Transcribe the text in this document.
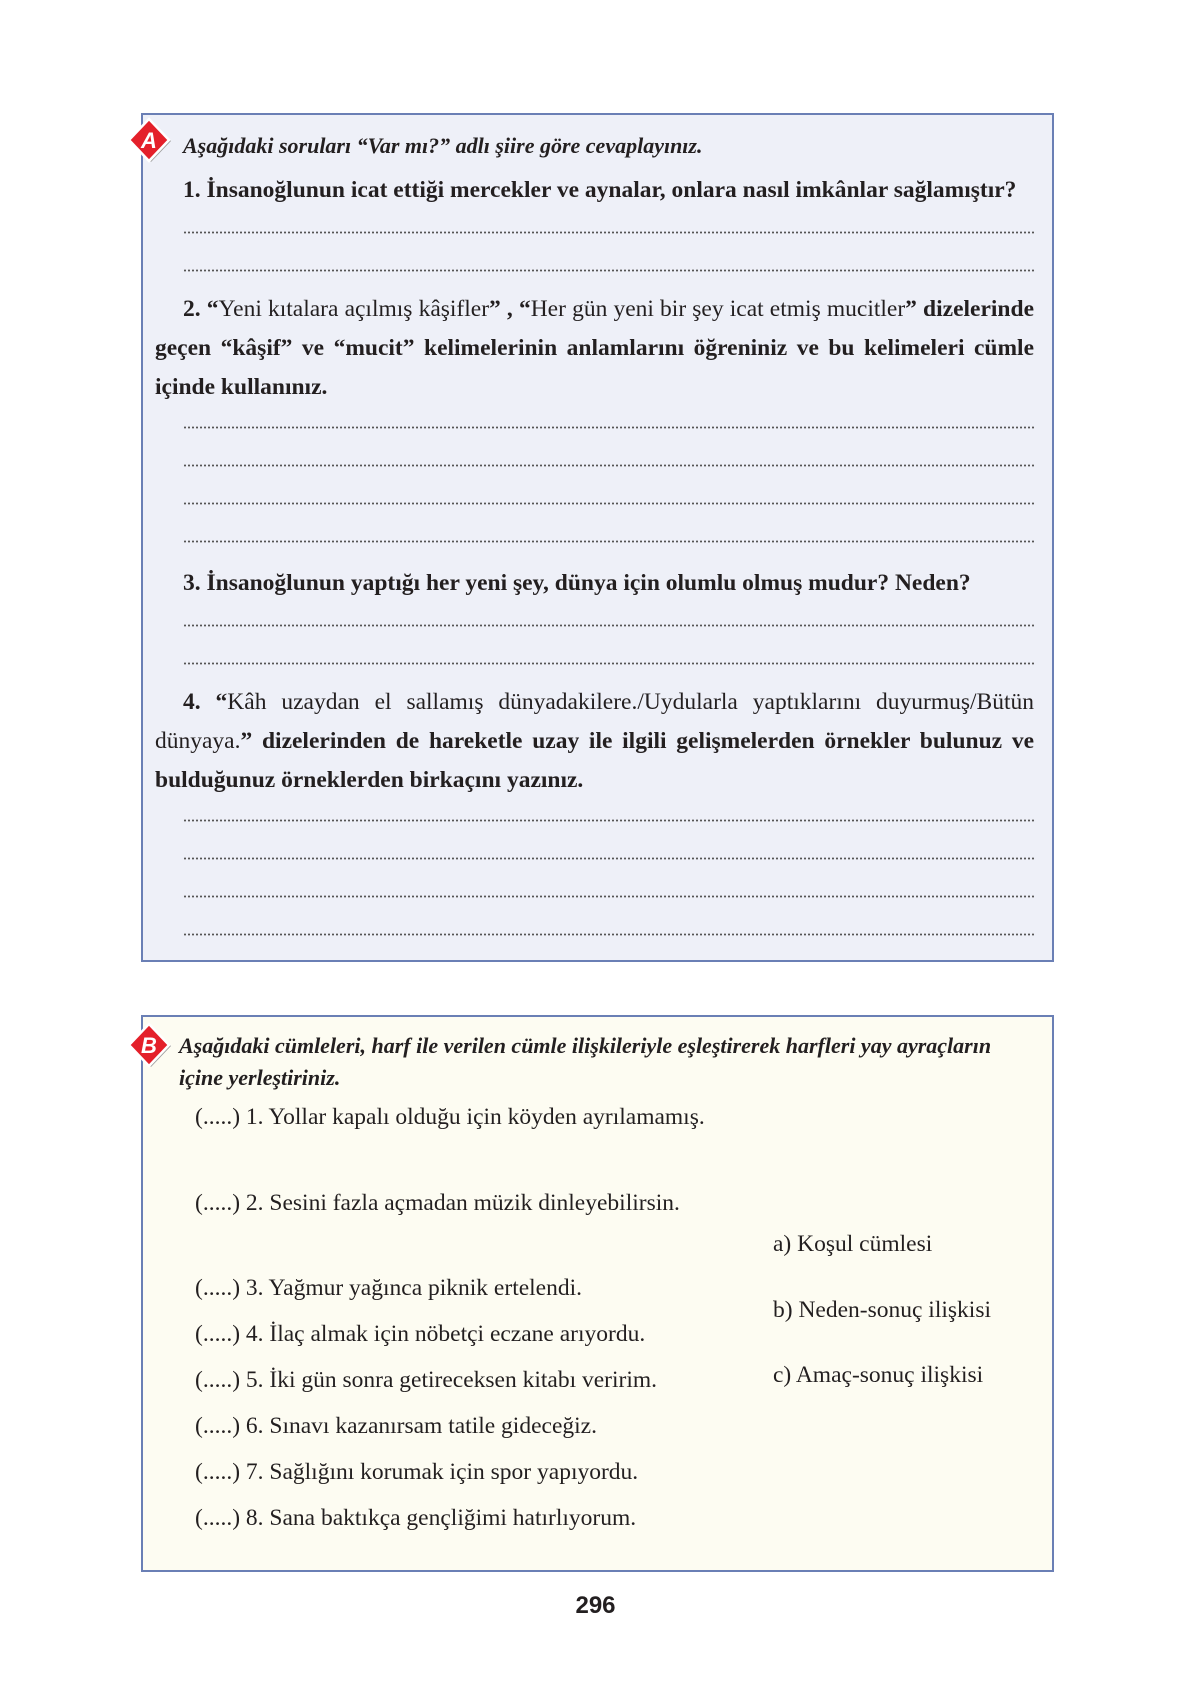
A Aşağıdaki soruları “Var mı?” adlı şiire göre cevaplayınız.
1. İnsanoğlunun icat ettiği mercekler ve aynalar, onlara nasıl imkânlar sağlamıştır?
2. “Yeni kıtalara açılmış kâşifler” , “Her gün yeni bir şey icat etmiş mucitler” dizelerinde geçen “kâşif” ve “mucit” kelimelerinin anlamlarını öğreniniz ve bu kelimeleri cümle içinde kullanınız.
3. İnsanoğlunun yaptığı her yeni şey, dünya için olumlu olmuş mudur? Neden?
4. “Kâh uzaydan el sallamış dünyadakilere./Uydularla yaptıklarını duyurmuş/Bütün dünyaya.” dizelerinden de hareketle uzay ile ilgili gelişmelerden örnekler bulunuz ve bulduğunuz örneklerden birkaçını yazınız.
B Aşağıdaki cümleleri, harf ile verilen cümle ilişkileriyle eşleştirerek harfleri yay ayraçların içine yerleştiriniz.
(.....) 1. Yollar kapalı olduğu için köyden ayrılamamış.
(.....) 2. Sesini fazla açmadan müzik dinleyebilirsin.
(.....) 3. Yağmur yağınca piknik ertelendi.
(.....) 4. İlaç almak için nöbetçi eczane arıyordu.
(.....) 5. İki gün sonra getireceksen kitabı veririm.
(.....) 6. Sınavı kazanırsam tatile gideceğiz.
(.....) 7. Sağlığını korumak için spor yapıyordu.
(.....) 8. Sana baktıkça gençliğimi hatırlıyorum.
a) Koşul cümlesi
b) Neden-sonuç ilişkisi
c) Amaç-sonuç ilişkisi
296
